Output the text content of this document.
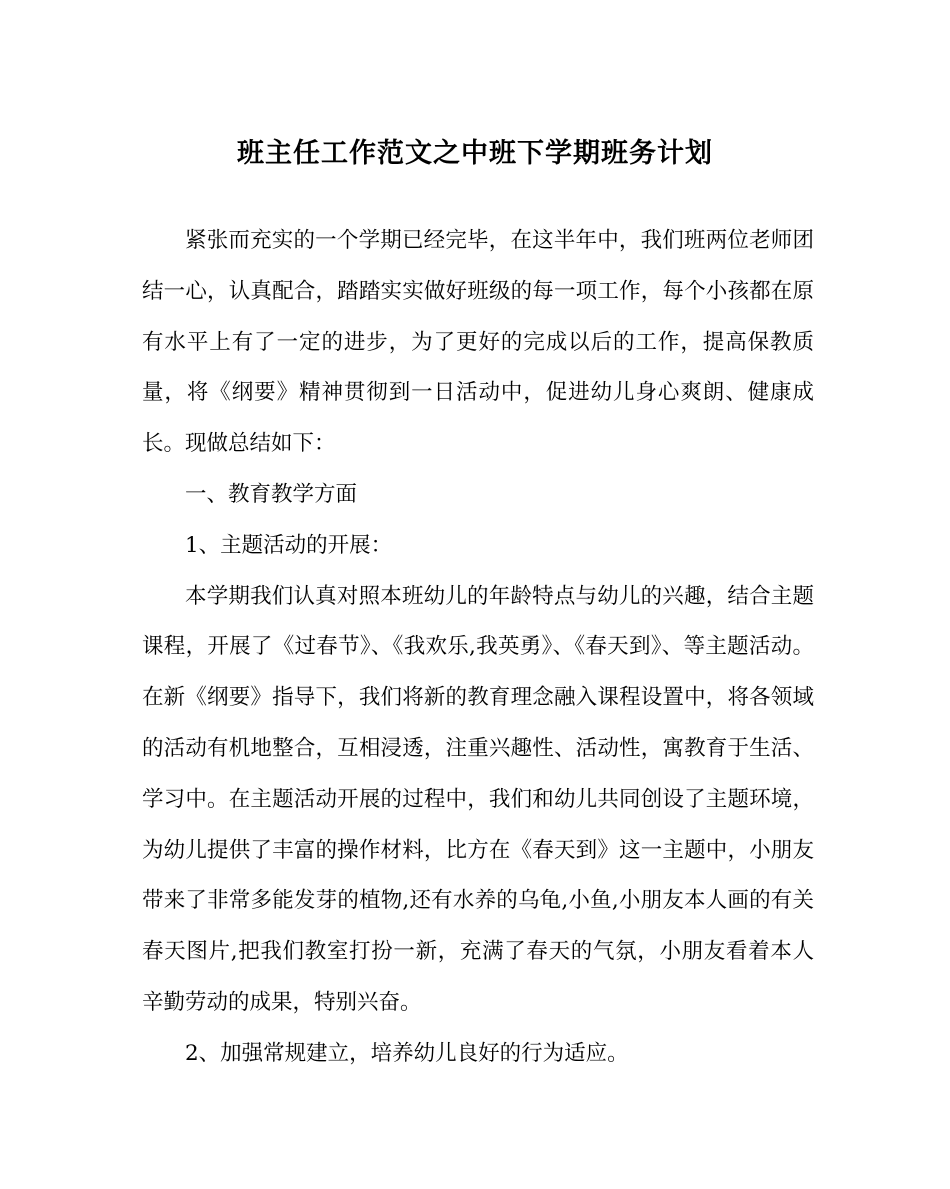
班主任工作范文之中班下学期班务计划

紧张而充实的一个学期已经完毕，在这半年中，我们班两位老师团结一心，认真配合，踏踏实实做好班级的每一项工作，每个小孩都在原有水平上有了一定的进步，为了更好的完成以后的工作，提高保教质量，将《纲要》精神贯彻到一日活动中，促进幼儿身心爽朗、健康成长。现做总结如下：

一、教育教学方面

1、主题活动的开展：

本学期我们认真对照本班幼儿的年龄特点与幼儿的兴趣，结合主题课程，开展了《过春节》、《我欢乐,我英勇》、《春天到》、等主题活动。在新《纲要》指导下，我们将新的教育理念融入课程设置中，将各领域的活动有机地整合，互相浸透，注重兴趣性、活动性，寓教育于生活、学习中。在主题活动开展的过程中，我们和幼儿共同创设了主题环境，为幼儿提供了丰富的操作材料，比方在《春天到》这一主题中，小朋友带来了非常多能发芽的植物,还有水养的乌龟,小鱼,小朋友本人画的有关春天图片,把我们教室打扮一新，充满了春天的气氛，小朋友看着本人辛勤劳动的成果，特别兴奋。

2、加强常规建立，培养幼儿良好的行为适应。
